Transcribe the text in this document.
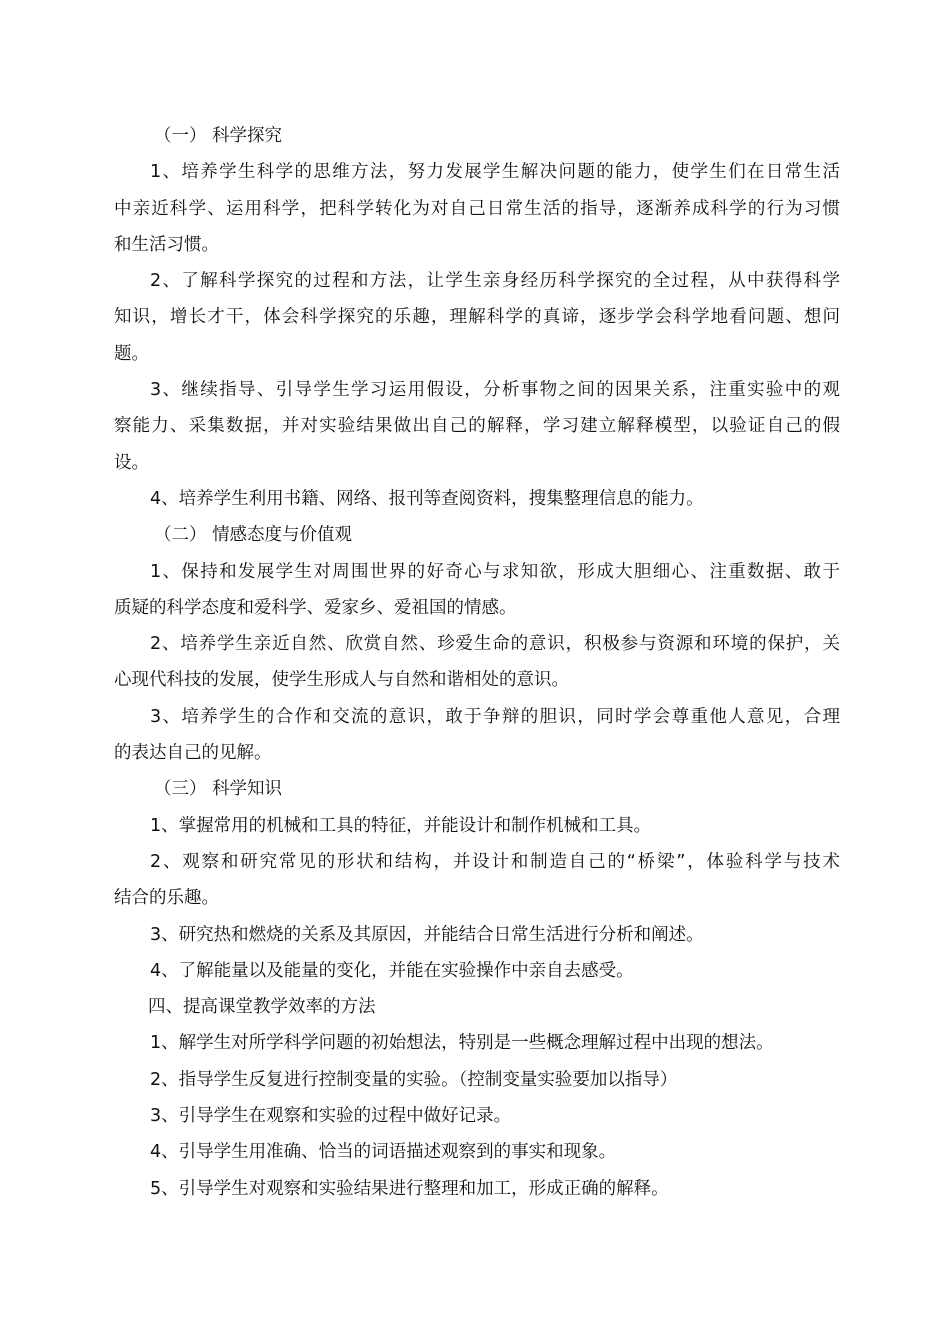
（一） 科学探究
1、培养学生科学的思维方法，努力发展学生解决问题的能力，使学生们在日常生活
中亲近科学、运用科学，把科学转化为对自己日常生活的指导，逐渐养成科学的行为习惯
和生活习惯。
2、了解科学探究的过程和方法，让学生亲身经历科学探究的全过程，从中获得科学
知识，增长才干，体会科学探究的乐趣，理解科学的真谛，逐步学会科学地看问题、想问
题。
3、继续指导、引导学生学习运用假设，分析事物之间的因果关系，注重实验中的观
察能力、采集数据，并对实验结果做出自己的解释，学习建立解释模型，以验证自己的假
设。
4、培养学生利用书籍、网络、报刊等查阅资料，搜集整理信息的能力。
（二） 情感态度与价值观
1、保持和发展学生对周围世界的好奇心与求知欲，形成大胆细心、注重数据、敢于
质疑的科学态度和爱科学、爱家乡、爱祖国的情感。
2、培养学生亲近自然、欣赏自然、珍爱生命的意识，积极参与资源和环境的保护，关
心现代科技的发展，使学生形成人与自然和谐相处的意识。
3、培养学生的合作和交流的意识，敢于争辩的胆识，同时学会尊重他人意见，合理
的表达自己的见解。
（三） 科学知识
1、掌握常用的机械和工具的特征，并能设计和制作机械和工具。
2、观察和研究常见的形状和结构，并设计和制造自己的“桥梁”，体验科学与技术
结合的乐趣。
3、研究热和燃烧的关系及其原因，并能结合日常生活进行分析和阐述。
4、了解能量以及能量的变化，并能在实验操作中亲自去感受。
四、提高课堂教学效率的方法
1、解学生对所学科学问题的初始想法，特别是一些概念理解过程中出现的想法。
2、指导学生反复进行控制变量的实验。（控制变量实验要加以指导）
3、引导学生在观察和实验的过程中做好记录。
4、引导学生用准确、恰当的词语描述观察到的事实和现象。
5、引导学生对观察和实验结果进行整理和加工，形成正确的解释。
